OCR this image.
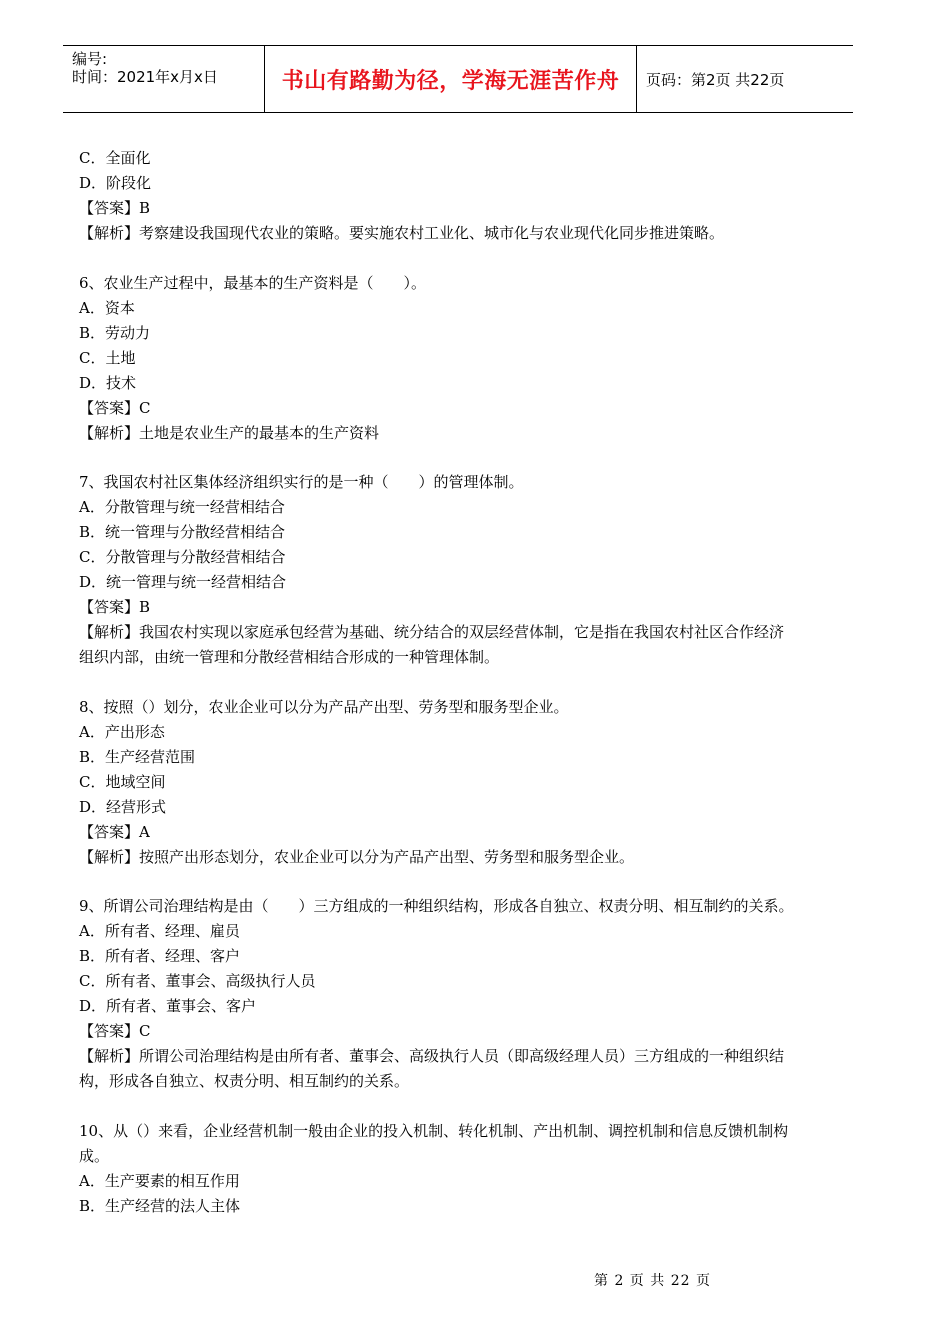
编号:
时间：2021年x月x日	书山有路勤为径，学海无涯苦作舟	页码：第2页 共22页

C．全面化

D．阶段化

【答案】B

【解析】考察建设我国现代农业的策略。要实施农村工业化、城市化与农业现代化同步推进策略。

6、农业生产过程中，最基本的生产资料是（　　）。

A．资本

B．劳动力

C．土地

D．技术

【答案】C

【解析】土地是农业生产的最基本的生产资料

7、我国农村社区集体经济组织实行的是一种（　　）的管理体制。

A．分散管理与统一经营相结合

B．统一管理与分散经营相结合

C．分散管理与分散经营相结合

D．统一管理与统一经营相结合

【答案】B

【解析】我国农村实现以家庭承包经营为基础、统分结合的双层经营体制，它是指在我国农村社区合作经济

组织内部，由统一管理和分散经营相结合形成的一种管理体制。

8、按照（）划分，农业企业可以分为产品产出型、劳务型和服务型企业。

A．产出形态

B．生产经营范围

C．地域空间

D．经营形式

【答案】A

【解析】按照产出形态划分，农业企业可以分为产品产出型、劳务型和服务型企业。

9、所谓公司治理结构是由（　　）三方组成的一种组织结构，形成各自独立、权责分明、相互制约的关系。

A．所有者、经理、雇员

B．所有者、经理、客户

C．所有者、董事会、高级执行人员

D．所有者、董事会、客户

【答案】C

【解析】所谓公司治理结构是由所有者、董事会、高级执行人员（即高级经理人员）三方组成的一种组织结

构，形成各自独立、权责分明、相互制约的关系。

10、从（）来看，企业经营机制一般由企业的投入机制、转化机制、产出机制、调控机制和信息反馈机制构

成。

A．生产要素的相互作用

B．生产经营的法人主体

第 2 页 共 22 页
